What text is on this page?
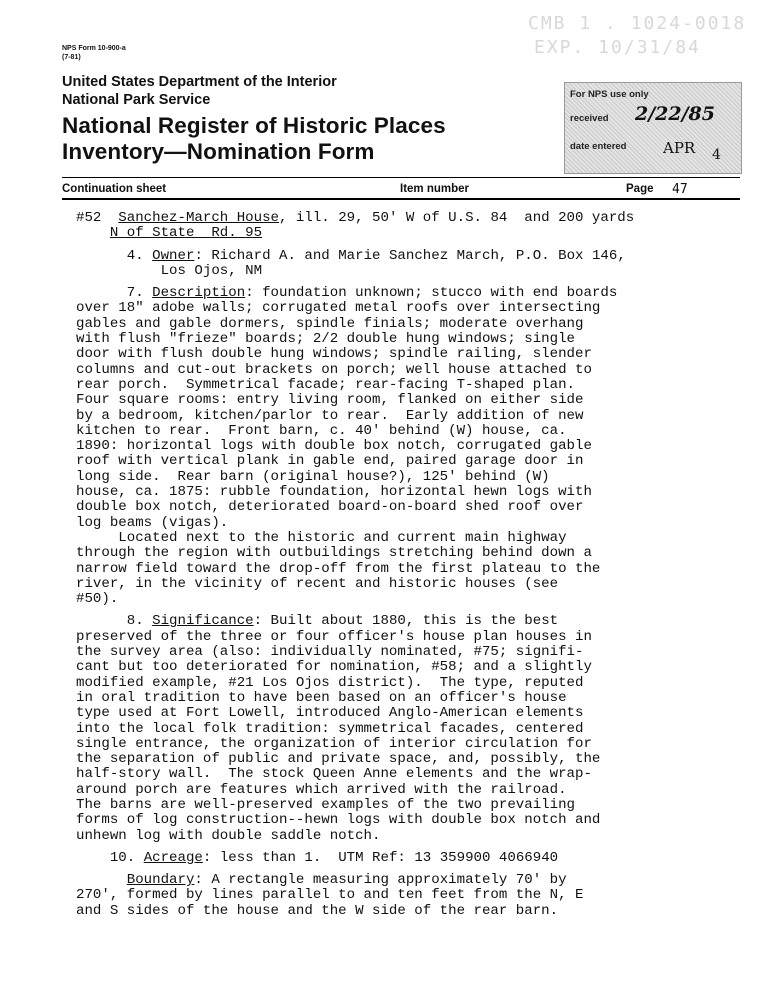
NPS Form 10-900-a
(7-81)
CMB 1 . 1024-0018
EXP. 10/31/84
United States Department of the Interior
National Park Service
National Register of Historic Places
Inventory—Nomination Form
For NPS use only
received 2/22/85
date entered APR 4
Continuation sheet	Item number	Page 47
#52 Sanchez-March House, ill. 29, 50' W of U.S. 84  and 200 yards
N of State  Rd. 95
4. Owner: Richard A. and Marie Sanchez March, P.O. Box 146,
Los Ojos, NM
7. Description: foundation unknown; stucco with end boards
over 18" adobe walls; corrugated metal roofs over intersecting
gables and gable dormers, spindle finials; moderate overhang
with flush "frieze" boards; 2/2 double hung windows; single
door with flush double hung windows; spindle railing, slender
columns and cut-out brackets on porch; well house attached to
rear porch.  Symmetrical facade; rear-facing T-shaped plan.
Four square rooms: entry living room, flanked on either side
by a bedroom, kitchen/parlor to rear.  Early addition of new
kitchen to rear.  Front barn, c. 40' behind (W) house, ca.
1890: horizontal logs with double box notch, corrugated gable
roof with vertical plank in gable end, paired garage door in
long side.  Rear barn (original house?), 125' behind (W)
house, ca. 1875: rubble foundation, horizontal hewn logs with
double box notch, deteriorated board-on-board shed roof over
log beams (vigas).
Located next to the historic and current main highway
through the region with outbuildings stretching behind down a
narrow field toward the drop-off from the first plateau to the
river, in the vicinity of recent and historic houses (see
#50).
8. Significance: Built about 1880, this is the best
preserved of the three or four officer's house plan houses in
the survey area (also: individually nominated, #75; signifi-
cant but too deteriorated for nomination, #58; and a slightly
modified example, #21 Los Ojos district).  The type, reputed
in oral tradition to have been based on an officer's house
type used at Fort Lowell, introduced Anglo-American elements
into the local folk tradition: symmetrical facades, centered
single entrance, the organization of interior circulation for
the separation of public and private space, and, possibly, the
half-story wall.  The stock Queen Anne elements and the wrap-
around porch are features which arrived with the railroad.
The barns are well-preserved examples of the two prevailing
forms of log construction--hewn logs with double box notch and
unhewn log with double saddle notch.
10. Acreage: less than 1.  UTM Ref: 13 359900 4066940
Boundary: A rectangle measuring approximately 70' by
270', formed by lines parallel to and ten feet from the N, E
and S sides of the house and the W side of the rear barn.
